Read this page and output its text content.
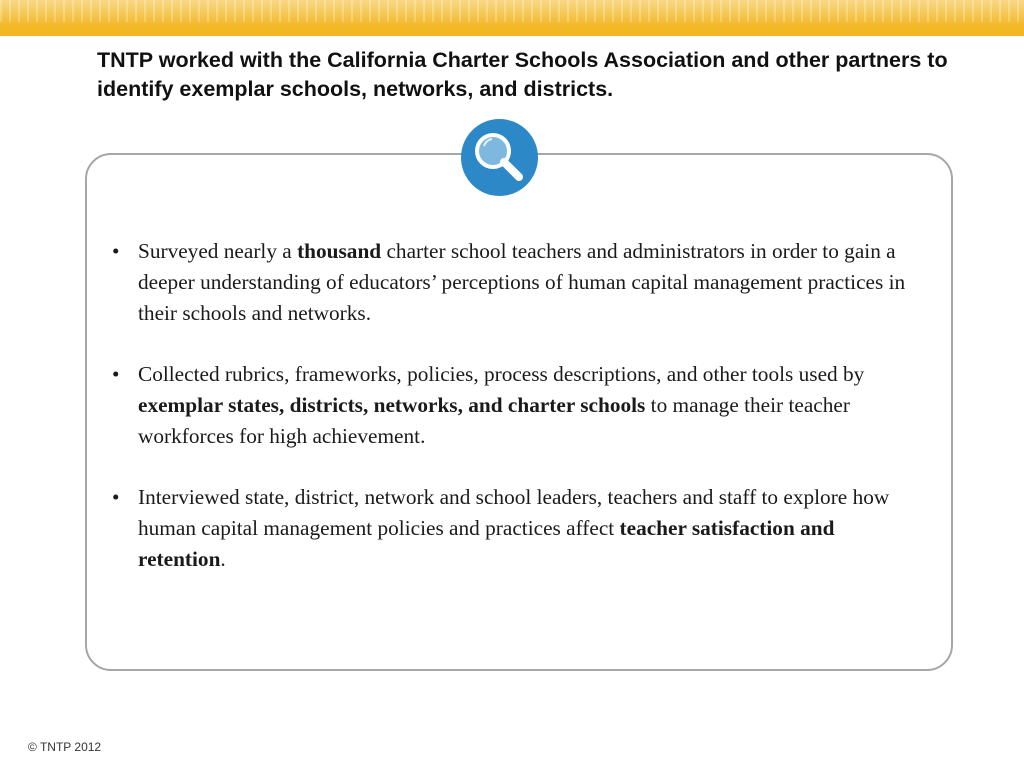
TNTP worked with the California Charter Schools Association and other partners to identify exemplar schools, networks, and districts.
• Surveyed nearly a thousand charter school teachers and administrators in order to gain a deeper understanding of educators’ perceptions of human capital management practices in their schools and networks.
• Collected rubrics, frameworks, policies, process descriptions, and other tools used by exemplar states, districts, networks, and charter schools to manage their teacher workforces for high achievement.
• Interviewed state, district, network and school leaders, teachers and staff to explore how human capital management policies and practices affect teacher satisfaction and retention.
© TNTP 2012
